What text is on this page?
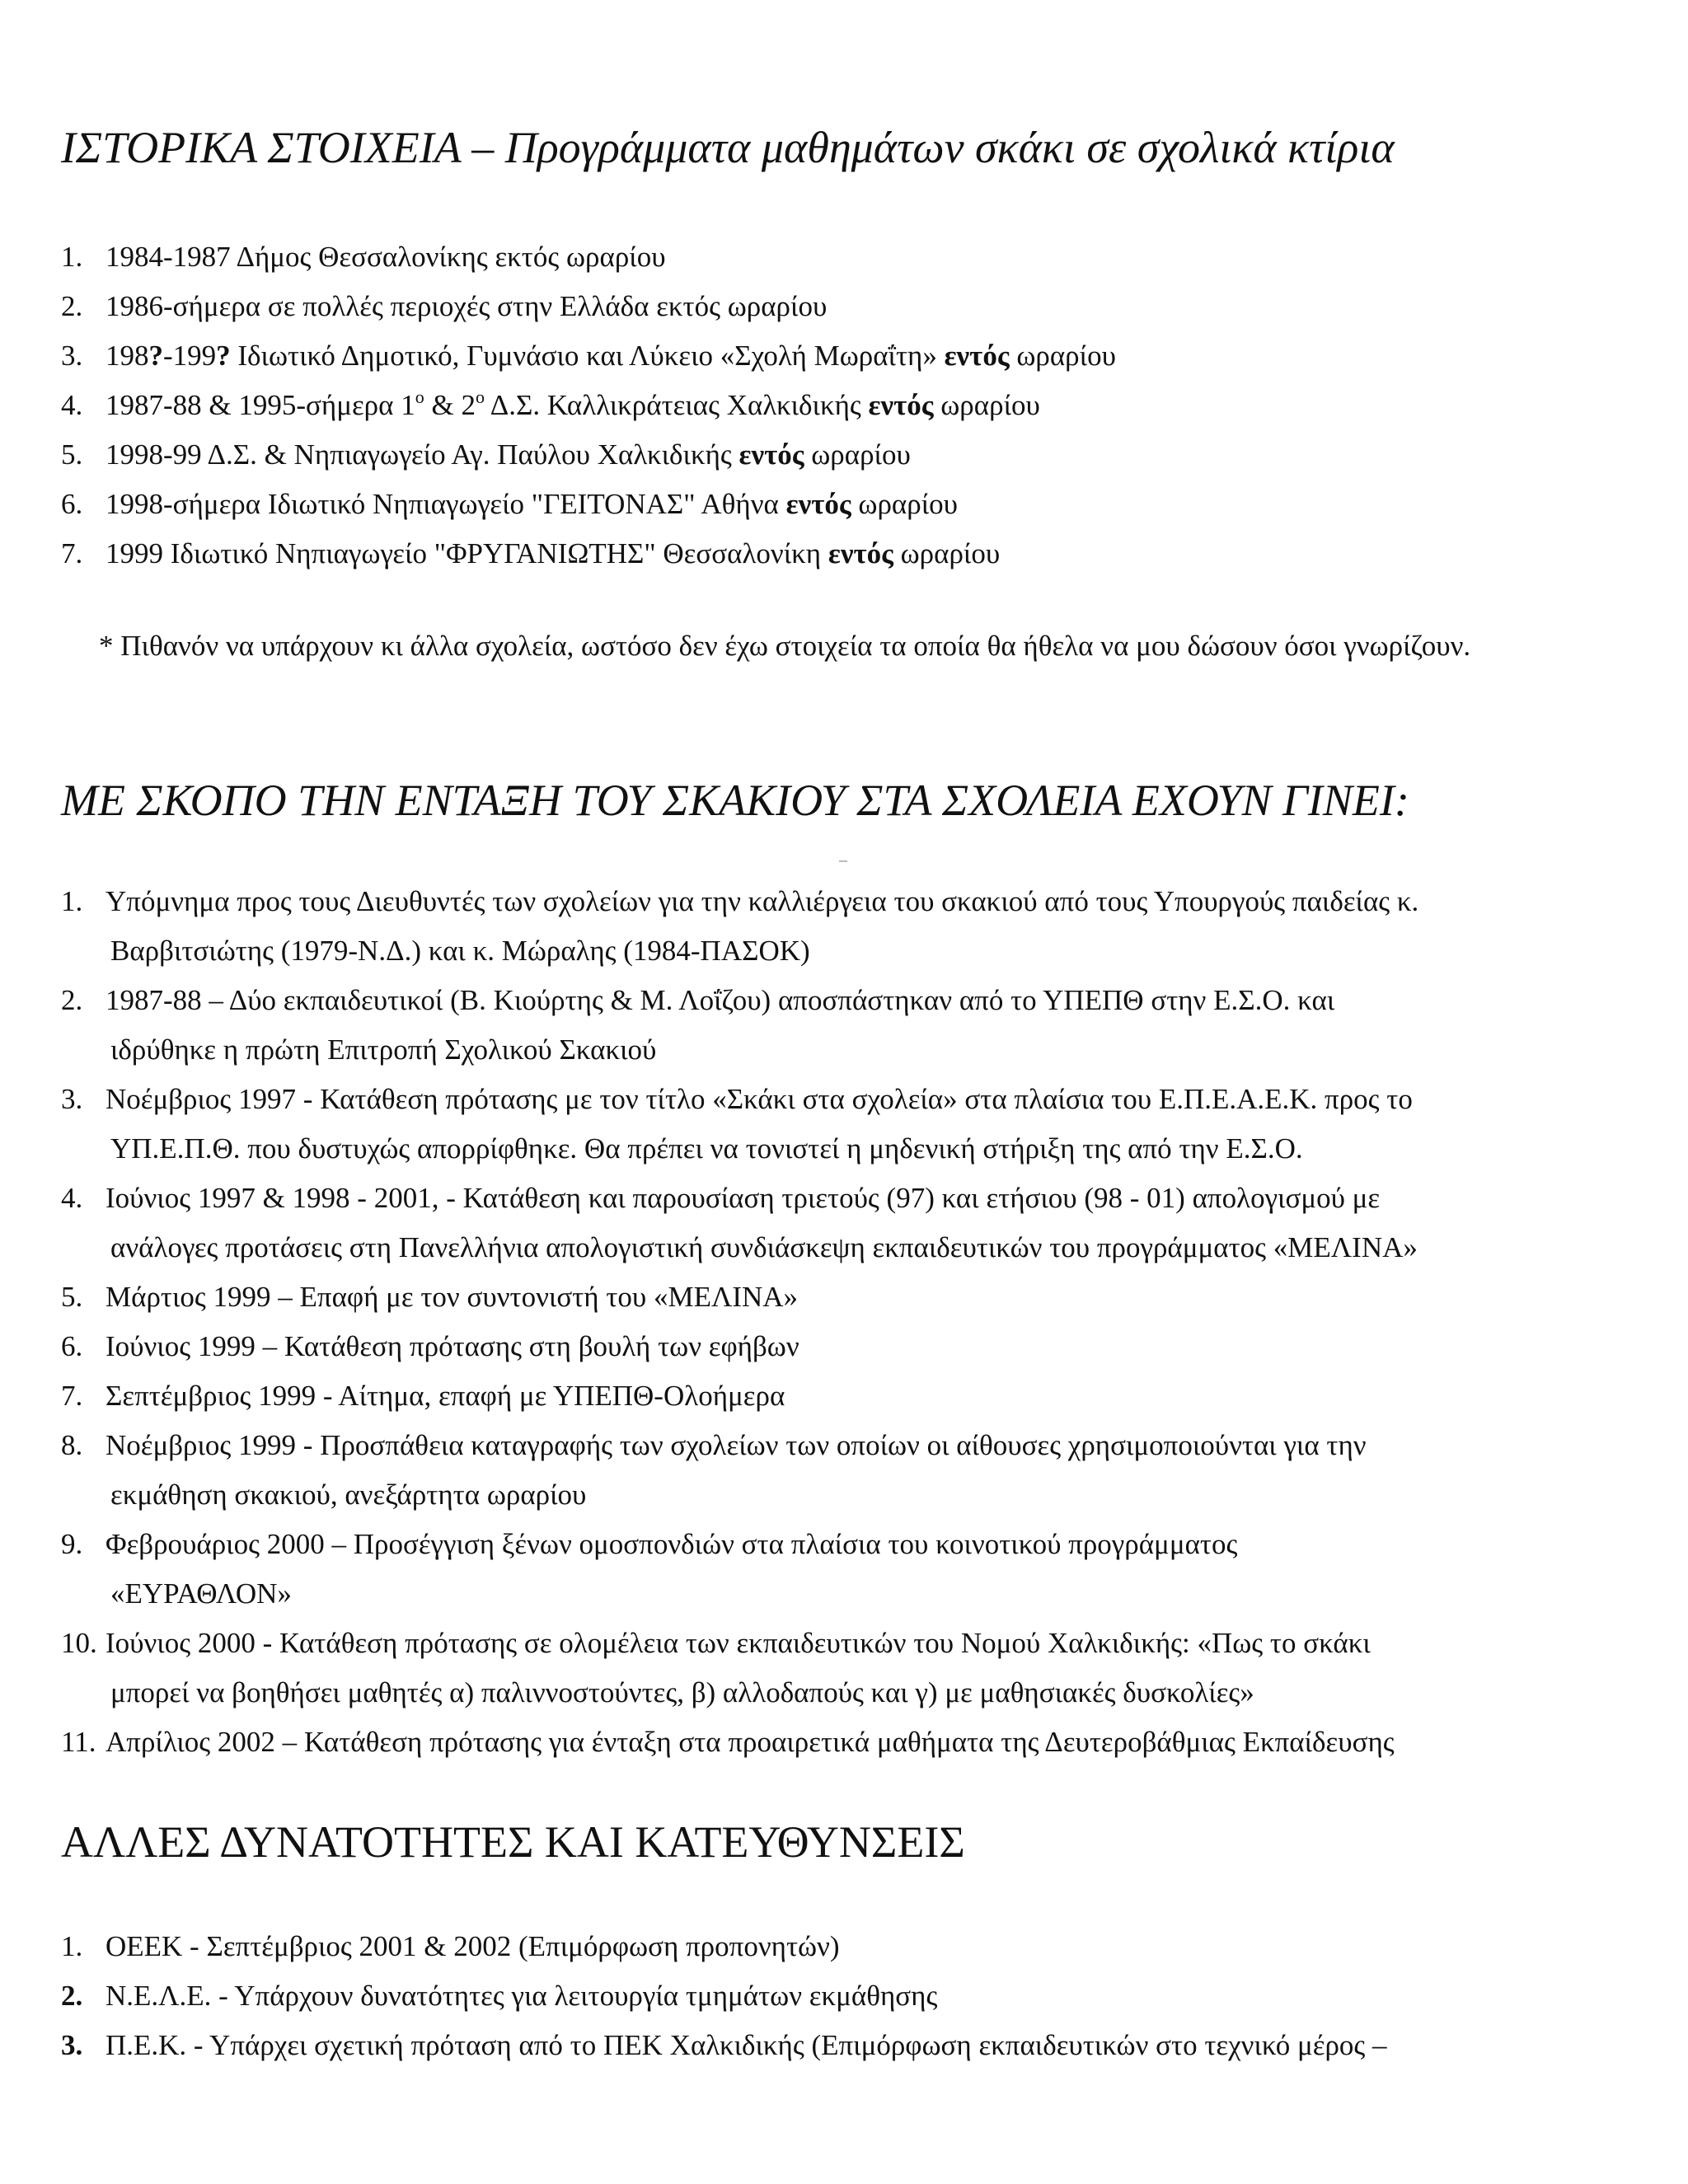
ΙΣΤΟΡΙΚΑ ΣΤΟΙΧΕΙΑ – Προγράμματα μαθημάτων σκάκι σε σχολικά κτίρια
1. 1984-1987 Δήμος Θεσσαλονίκης εκτός ωραρίου
2. 1986-σήμερα σε πολλές περιοχές στην Ελλάδα εκτός ωραρίου
3. 198?-199? Ιδιωτικό Δημοτικό, Γυμνάσιο και Λύκειο «Σχολή Μωραΐτη» εντός ωραρίου
4. 1987-88 & 1995-σήμερα $1^o$ & $2^o$ Δ.Σ. Καλλικράτειας Χαλκιδικής εντός ωραρίου
5. 1998-99 Δ.Σ. & Νηπιαγωγείο Αγ. Παύλου Χαλκιδικής εντός ωραρίου
6. 1998-σήμερα Ιδιωτικό Νηπιαγωγείο "ΓΕΙΤΟΝΑΣ" Αθήνα εντός ωραρίου
7. 1999 Ιδιωτικό Νηπιαγωγείο "ΦΡΥΓΑΝΙΩΤΗΣ" Θεσσαλονίκη εντός ωραρίου

* Πιθανόν να υπάρχουν κι άλλα σχολεία, ωστόσο δεν έχω στοιχεία τα οποία θα ήθελα να μου δώσουν όσοι γνωρίζουν.

ΜΕ ΣΚΟΠΟ ΤΗΝ ΕΝΤΑΞΗ ΤΟΥ ΣΚΑΚΙΟΥ ΣΤΑ ΣΧΟΛΕΙΑ ΕΧΟΥΝ ΓΙΝΕΙ:
1. Υπόμνημα προς τους Διευθυντές των σχολείων για την καλλιέργεια του σκακιού από τους Υπουργούς παιδείας κ.
Βαρβιτσιώτης (1979-Ν.Δ.) και κ. Μώραλης (1984-ΠΑΣΟΚ)
2. 1987-88 – Δύο εκπαιδευτικοί (Β. Κιούρτης & Μ. Λοΐζου) αποσπάστηκαν από το ΥΠΕΠΘ στην Ε.Σ.Ο. και
ιδρύθηκε η πρώτη Επιτροπή Σχολικού Σκακιού
3. Νοέμβριος 1997 - Κατάθεση πρότασης με τον τίτλο «Σκάκι στα σχολεία» στα πλαίσια του Ε.Π.Ε.Α.Ε.Κ. προς το
ΥΠ.Ε.Π.Θ. που δυστυχώς απορρίφθηκε. Θα πρέπει να τονιστεί η μηδενική στήριξη της από την Ε.Σ.Ο.
4. Ιούνιος 1997 & 1998 - 2001, - Κατάθεση και παρουσίαση τριετούς (97) και ετήσιου (98 - 01) απολογισμού με
ανάλογες προτάσεις στη Πανελλήνια απολογιστική συνδιάσκεψη εκπαιδευτικών του προγράμματος «ΜΕΛΙΝΑ»
5. Μάρτιος 1999 – Επαφή με τον συντονιστή του «ΜΕΛΙΝΑ»
6. Ιούνιος 1999 – Κατάθεση πρότασης στη βουλή των εφήβων
7. Σεπτέμβριος 1999 - Αίτημα, επαφή με ΥΠΕΠΘ-Ολοήμερα
8. Νοέμβριος 1999 - Προσπάθεια καταγραφής των σχολείων των οποίων οι αίθουσες χρησιμοποιούνται για την
εκμάθηση σκακιού, ανεξάρτητα ωραρίου
9. Φεβρουάριος 2000 – Προσέγγιση ξένων ομοσπονδιών στα πλαίσια του κοινοτικού προγράμματος
«ΕΥΡΑΘΛΟΝ»
10. Ιούνιος 2000 - Κατάθεση πρότασης σε ολομέλεια των εκπαιδευτικών του Νομού Χαλκιδικής: «Πως το σκάκι
μπορεί να βοηθήσει μαθητές α) παλιννοστούντες, β) αλλοδαπούς και γ) με μαθησιακές δυσκολίες»
11. Απρίλιος 2002 – Κατάθεση πρότασης για ένταξη στα προαιρετικά μαθήματα της Δευτεροβάθμιας Εκπαίδευσης
ΑΛΛΕΣ ΔΥΝΑΤΟΤΗΤΕΣ ΚΑΙ ΚΑΤΕΥΘΥΝΣΕΙΣ
1. ΟΕΕΚ - Σεπτέμβριος 2001 & 2002 (Επιμόρφωση προπονητών)
2. Ν.Ε.Λ.Ε. - Υπάρχουν δυνατότητες για λειτουργία τμημάτων εκμάθησης
3. Π.Ε.Κ. - Υπάρχει σχετική πρόταση από το ΠΕΚ Χαλκιδικής (Επιμόρφωση εκπαιδευτικών στο τεχνικό μέρος –
